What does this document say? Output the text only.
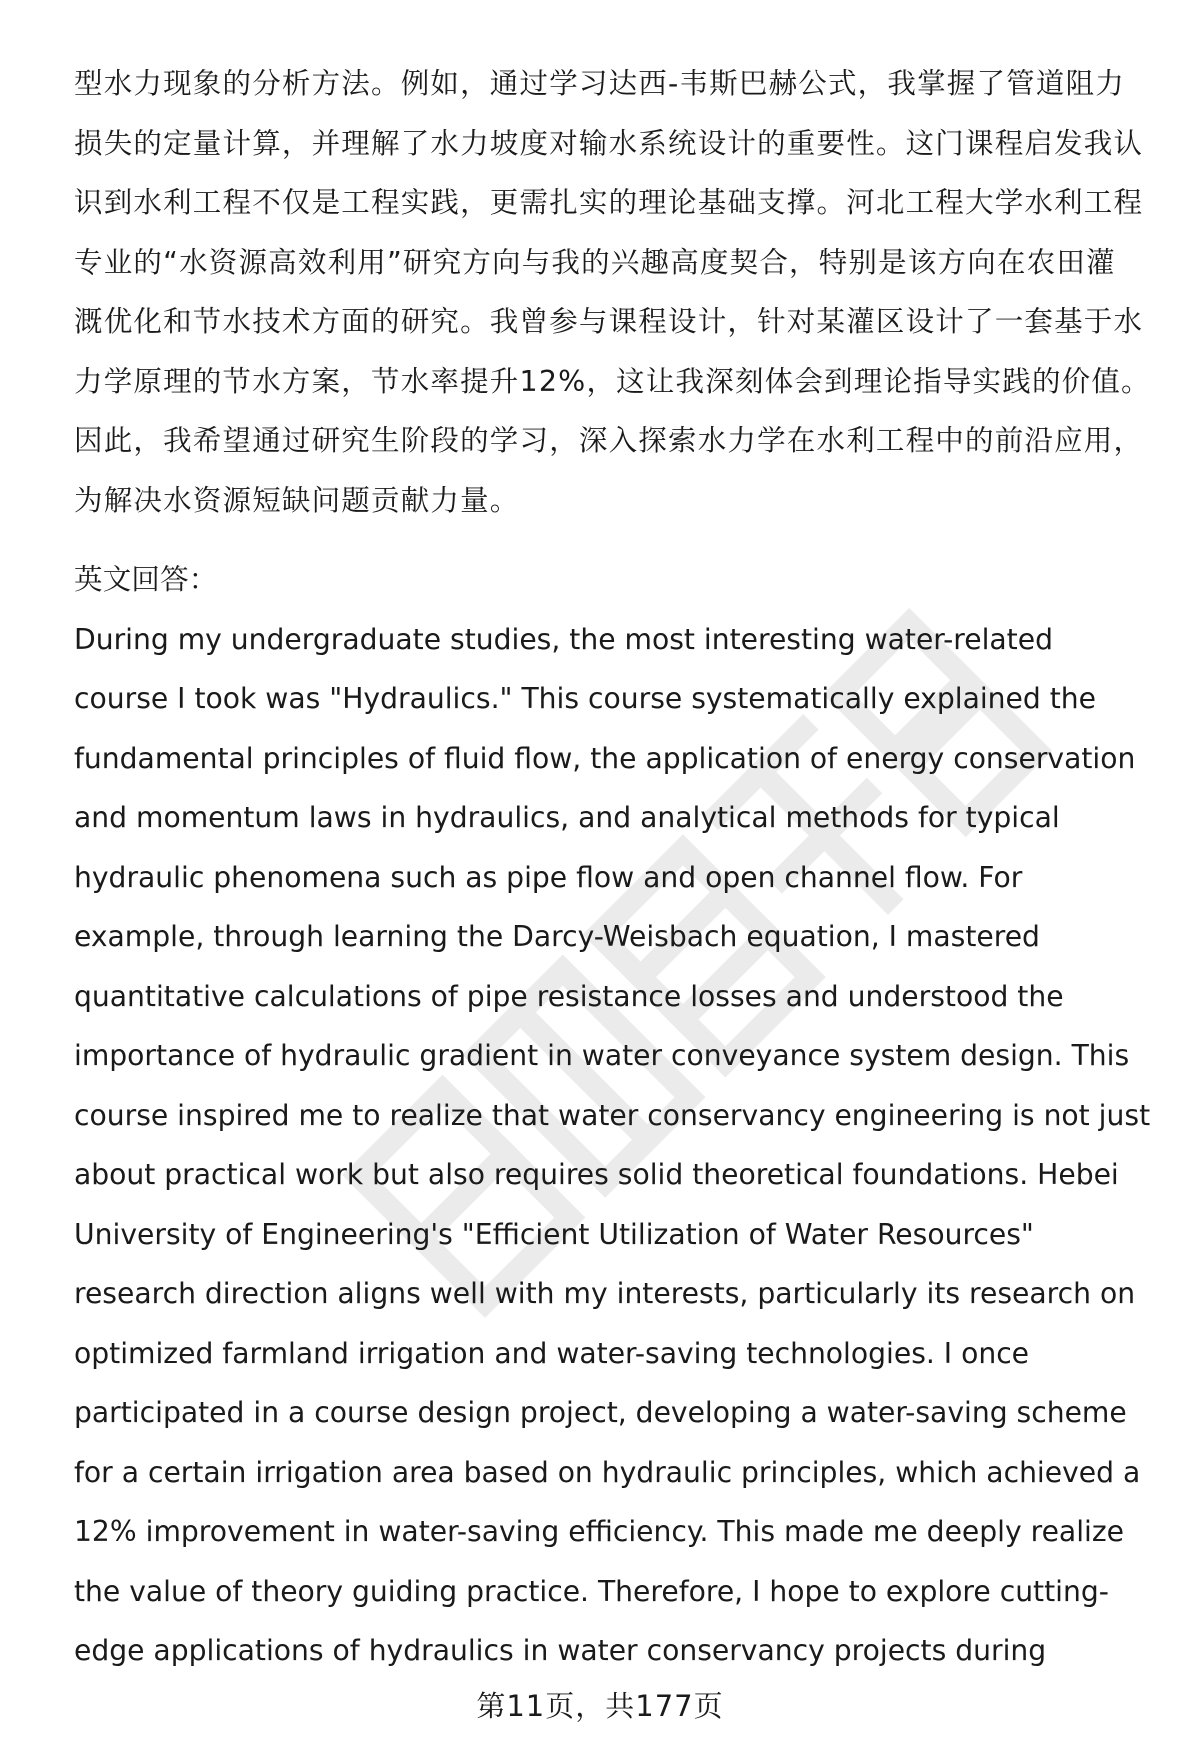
型水力现象的分析方法。例如，通过学习达西-韦斯巴赫公式，我掌握了管道阻力
损失的定量计算，并理解了水力坡度对输水系统设计的重要性。这门课程启发我认
识到水利工程不仅是工程实践，更需扎实的理论基础支撑。河北工程大学水利工程
专业的“水资源高效利用”研究方向与我的兴趣高度契合，特别是该方向在农田灌
溉优化和节水技术方面的研究。我曾参与课程设计，针对某灌区设计了一套基于水
力学原理的节水方案，节水率提升12%，这让我深刻体会到理论指导实践的价值。
因此，我希望通过研究生阶段的学习，深入探索水力学在水利工程中的前沿应用，
为解决水资源短缺问题贡献力量。
英文回答：
During my undergraduate studies, the most interesting water-related
course I took was "Hydraulics." This course systematically explained the
fundamental principles of fluid flow, the application of energy conservation
and momentum laws in hydraulics, and analytical methods for typical
hydraulic phenomena such as pipe flow and open channel flow. For
example, through learning the Darcy-Weisbach equation, I mastered
quantitative calculations of pipe resistance losses and understood the
importance of hydraulic gradient in water conveyance system design. This
course inspired me to realize that water conservancy engineering is not just
about practical work but also requires solid theoretical foundations. Hebei
University of Engineering's "Efficient Utilization of Water Resources"
research direction aligns well with my interests, particularly its research on
optimized farmland irrigation and water-saving technologies. I once
participated in a course design project, developing a water-saving scheme
for a certain irrigation area based on hydraulic principles, which achieved a
12% improvement in water-saving efficiency. This made me deeply realize
the value of theory guiding practice. Therefore, I hope to explore cutting-
edge applications of hydraulics in water conservancy projects during
第11页，共177页
